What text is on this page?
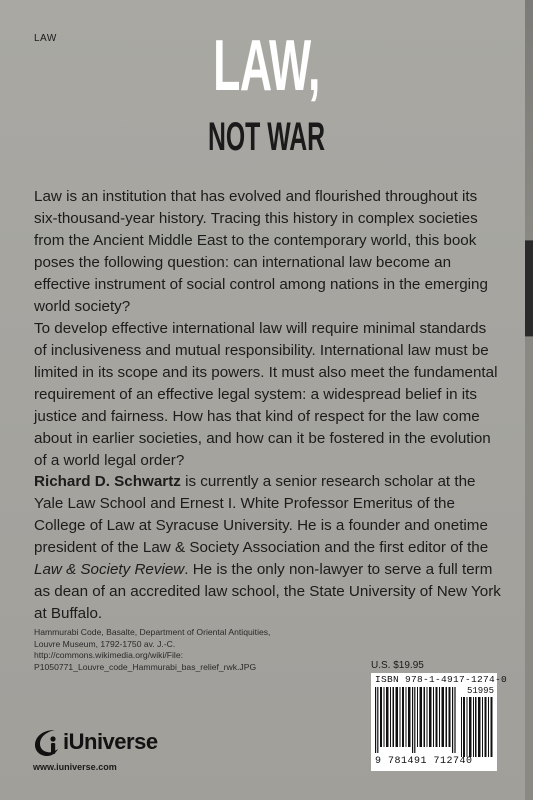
LAW	LAW,
NOT WAR

Law is an institution that has evolved and flourished throughout its six-thousand-year history. Tracing this history in complex societies from the Ancient Middle East to the contemporary world, this book poses the following question: can international law become an effective instrument of social control among nations in the emerging world society?

To develop effective international law will require minimal standards of inclusiveness and mutual responsibility. International law must be limited in its scope and its powers. It must also meet the fundamental requirement of an effective legal system: a widespread belief in its justice and fairness. How has that kind of respect for the law come about in earlier societies, and how can it be fostered in the evolution of a world legal order?

Richard D. Schwartz is currently a senior research scholar at the Yale Law School and Ernest I. White Professor Emeritus of the College of Law at Syracuse University. He is a founder and onetime president of the Law & Society Association and the first editor of the Law & Society Review. He is the only non-lawyer to serve a full term as dean of an accredited law school, the State University of New York at Buffalo.

Hammurabi Code, Basalte, Department of Oriental Antiquities,
Louvre Museum, 1792-1750 av. J.-C.
http://commons.wikimedia.org/wiki/File:
P1050771_Louvre_code_Hammurabi_bas_relief_rwk.JPG	U.S. $19.95
ISBN 978-1-4917-1274-0
51995
9 781491 712740
iUniverse
www.iuniverse.com
